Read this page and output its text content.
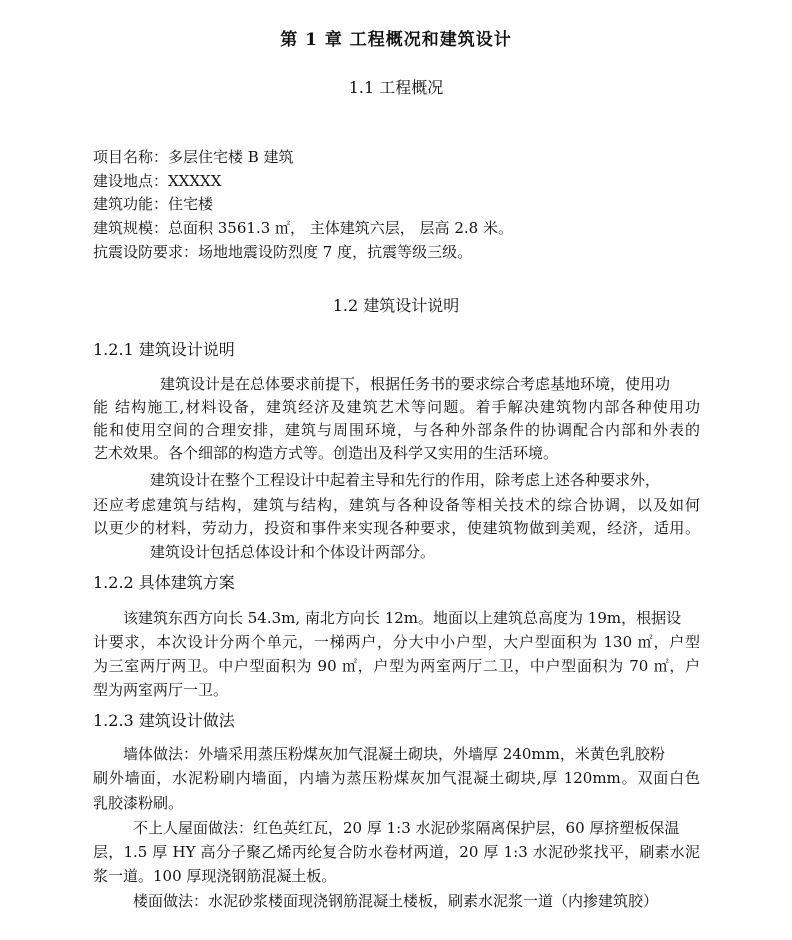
第 1 章 工程概况和建筑设计
1.1 工程概况
项目名称：多层住宅楼 B 建筑
建设地点：XXXXX
建筑功能：住宅楼
建筑规模：总面积 3561.3 ㎡， 主体建筑六层， 层高 2.8 米。
抗震设防要求：场地地震设防烈度 7 度，抗震等级三级。
1.2 建筑设计说明
1.2.1 建筑设计说明
建筑设计是在总体要求前提下，根据任务书的要求综合考虑基地环境，使用功
能 结构施工,材料设备，建筑经济及建筑艺术等问题。着手解决建筑物内部各种使用功
能和使用空间的合理安排，建筑与周围环境，与各种外部条件的协调配合内部和外表的
艺术效果。各个细部的构造方式等。创造出及科学又实用的生活环境。
建筑设计在整个工程设计中起着主导和先行的作用，除考虑上述各种要求外，
还应考虑建筑与结构，建筑与结构，建筑与各种设备等相关技术的综合协调，以及如何
以更少的材料，劳动力，投资和事件来实现各种要求，使建筑物做到美观，经济，适用。
建筑设计包括总体设计和个体设计两部分。
1.2.2 具体建筑方案
该建筑东西方向长 54.3m, 南北方向长 12m。地面以上建筑总高度为 19m，根据设
计要求，本次设计分两个单元，一梯两户，分大中小户型，大户型面积为 130 ㎡，户型
为三室两厅两卫。中户型面积为 90 ㎡，户型为两室两厅二卫，中户型面积为 70 ㎡，户
型为两室两厅一卫。
1.2.3 建筑设计做法
墙体做法：外墙采用蒸压粉煤灰加气混凝土砌块，外墙厚 240mm，米黄色乳胶粉
刷外墙面，水泥粉刷内墙面，内墙为蒸压粉煤灰加气混凝土砌块,厚 120mm。双面白色
乳胶漆粉刷。
不上人屋面做法：红色英红瓦，20 厚 1:3 水泥砂浆隔离保护层，60 厚挤塑板保温
层，1.5 厚 HY 高分子聚乙烯丙纶复合防水卷材两道，20 厚 1:3 水泥砂浆找平，刷素水泥
浆一道。100 厚现浇钢筋混凝土板。
楼面做法：水泥砂浆楼面现浇钢筋混凝土楼板，刷素水泥浆一道（内掺建筑胶）
